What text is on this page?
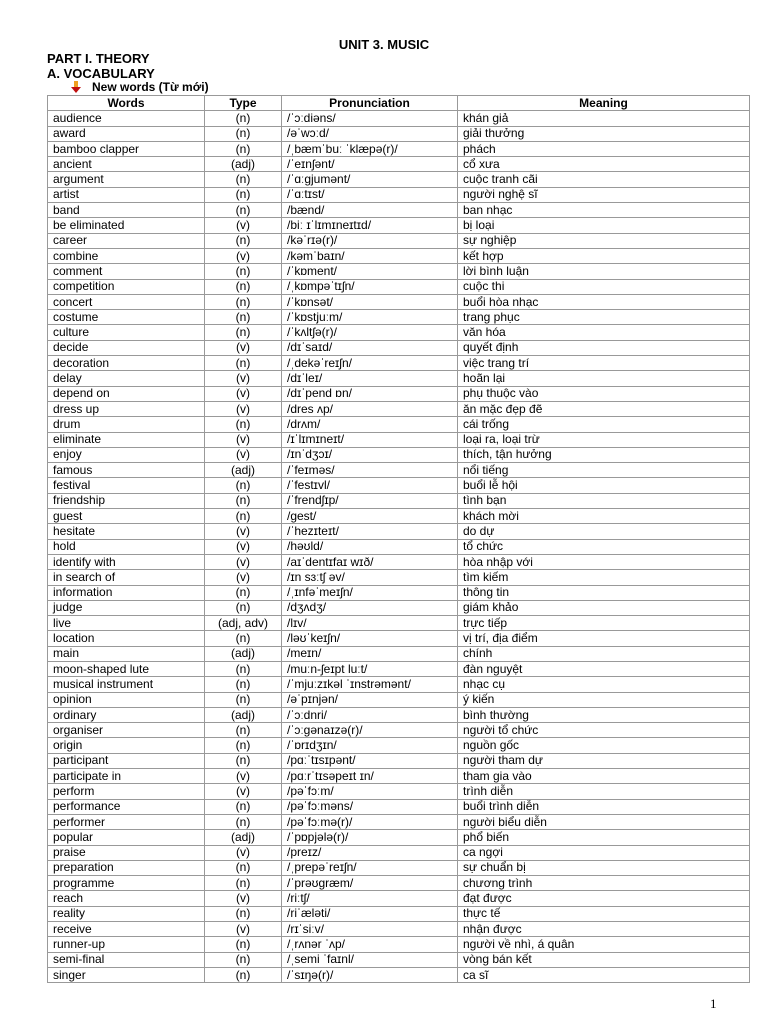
UNIT 3. MUSIC
PART I. THEORY
A. VOCABULARY
New words (Từ mới)
Words	Type	Pronunciation	Meaning
audience	(n)	/ˈɔːdiəns/	khán giả
award	(n)	/əˈwɔːd/	giải thưởng
bamboo clapper	(n)	/ˌbæmˈbuː ˈklæpə(r)/	phách
ancient	(adj)	/ˈeɪnʃənt/	cổ xưa
argument	(n)	/ˈɑːgjumənt/	cuộc tranh cãi
artist	(n)	/ˈɑːtɪst/	người nghệ sĩ
band	(n)	/bænd/	ban nhạc
be eliminated	(v)	/biː ɪˈlɪmɪneɪtɪd/	bị loại
career	(n)	/kəˈrɪə(r)/	sự nghiệp
combine	(v)	/kəmˈbaɪn/	kết hợp
comment	(n)	/ˈkɒment/	lời bình luận
competition	(n)	/ˌkɒmpəˈtɪʃn/	cuộc thi
concert	(n)	/ˈkɒnsət/	buổi hòa nhạc
costume	(n)	/ˈkɒstjuːm/	trang phục
culture	(n)	/ˈkʌltʃə(r)/	văn hóa
decide	(v)	/dɪˈsaɪd/	quyết định
decoration	(n)	/ˌdekəˈreɪʃn/	việc trang trí
delay	(v)	/dɪˈleɪ/	hoãn lại
depend on	(v)	/dɪˈpend ɒn/	phụ thuộc vào
dress up	(v)	/dres ʌp/	ăn mặc đẹp đẽ
drum	(n)	/drʌm/	cái trống
eliminate	(v)	/ɪˈlɪmɪneɪt/	loại ra, loại trừ
enjoy	(v)	/ɪnˈdʒɔɪ/	thích, tận hưởng
famous	(adj)	/ˈfeɪməs/	nổi tiếng
festival	(n)	/ˈfestɪvl/	buổi lễ hội
friendship	(n)	/ˈfrendʃɪp/	tình bạn
guest	(n)	/gest/	khách mời
hesitate	(v)	/ˈhezɪteɪt/	do dự
hold	(v)	/həʊld/	tổ chức
identify with	(v)	/aɪˈdentɪfaɪ wɪð/	hòa nhập với
in search of	(v)	/ɪn sɜːtʃ əv/	tìm kiếm
information	(n)	/ˌɪnfəˈmeɪʃn/	thông tin
judge	(n)	/dʒʌdʒ/	giám khảo
live	(adj, adv)	/lɪv/	trực tiếp
location	(n)	/ləʊˈkeɪʃn/	vị trí, địa điểm
main	(adj)	/meɪn/	chính
moon-shaped lute	(n)	/muːn-ʃeɪpt luːt/	đàn nguyệt
musical instrument	(n)	/ˈmjuːzɪkəl ˈɪnstrəmənt/	nhạc cụ
opinion	(n)	/əˈpɪnjən/	ý kiến
ordinary	(adj)	/ˈɔːdnri/	bình thường
organiser	(n)	/ˈɔːgənaɪzə(r)/	người tổ chức
origin	(n)	/ˈɒrɪdʒɪn/	nguồn gốc
participant	(n)	/pɑːˈtɪsɪpənt/	người tham dự
participate in	(v)	/pɑːrˈtɪsəpeɪt ɪn/	tham gia vào
perform	(v)	/pəˈfɔːm/	trình diễn
performance	(n)	/pəˈfɔːməns/	buổi trình diễn
performer	(n)	/pəˈfɔːmə(r)/	người biểu diễn
popular	(adj)	/ˈpɒpjələ(r)/	phổ biến
praise	(v)	/preɪz/	ca ngợi
preparation	(n)	/ˌprepəˈreɪʃn/	sự chuẩn bị
programme	(n)	/ˈprəʊgræm/	chương trình
reach	(v)	/riːtʃ/	đạt được
reality	(n)	/riˈæləti/	thực tế
receive	(v)	/rɪˈsiːv/	nhận được
runner-up	(n)	/ˌrʌnər ˈʌp/	người về nhì, á quân
semi-final	(n)	/ˌsemi ˈfaɪnl/	vòng bán kết
singer	(n)	/ˈsɪŋə(r)/	ca sĩ
1
